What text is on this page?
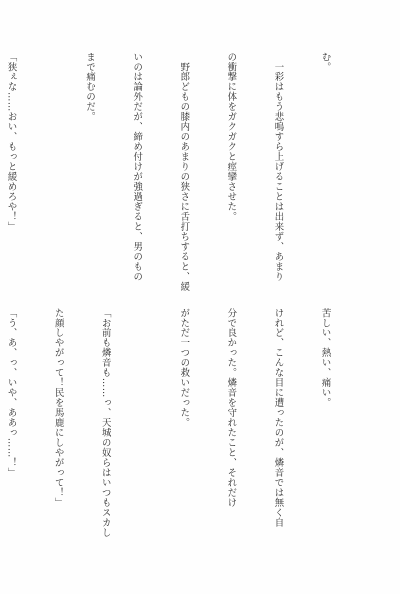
む。

　一彩はもう悲鳴すら上げることは出来ず、あまり

の衝撃に体をガクガクと痙攣させた。

　野郎どもの膝内のあまりの狭さに舌打ちすると、緩

いのは論外だが、締め付けが強過ぎると、男のもの

まで痛むのだ。

「狭ぇな……おい、もっと緩めろや！」

苦しい、熱い、痛い。

けれど、こんな目に遭ったのが、燐音では無く自

分で良かった。燐音を守れたこと、それだけ

がただ一つの救いだった。

「お前も燐音も……っ、天城の奴らはいつもスカし

た顔しやがって！民を馬鹿にしやがって！」

「う、あ、っ、いや、ああっ……！」
